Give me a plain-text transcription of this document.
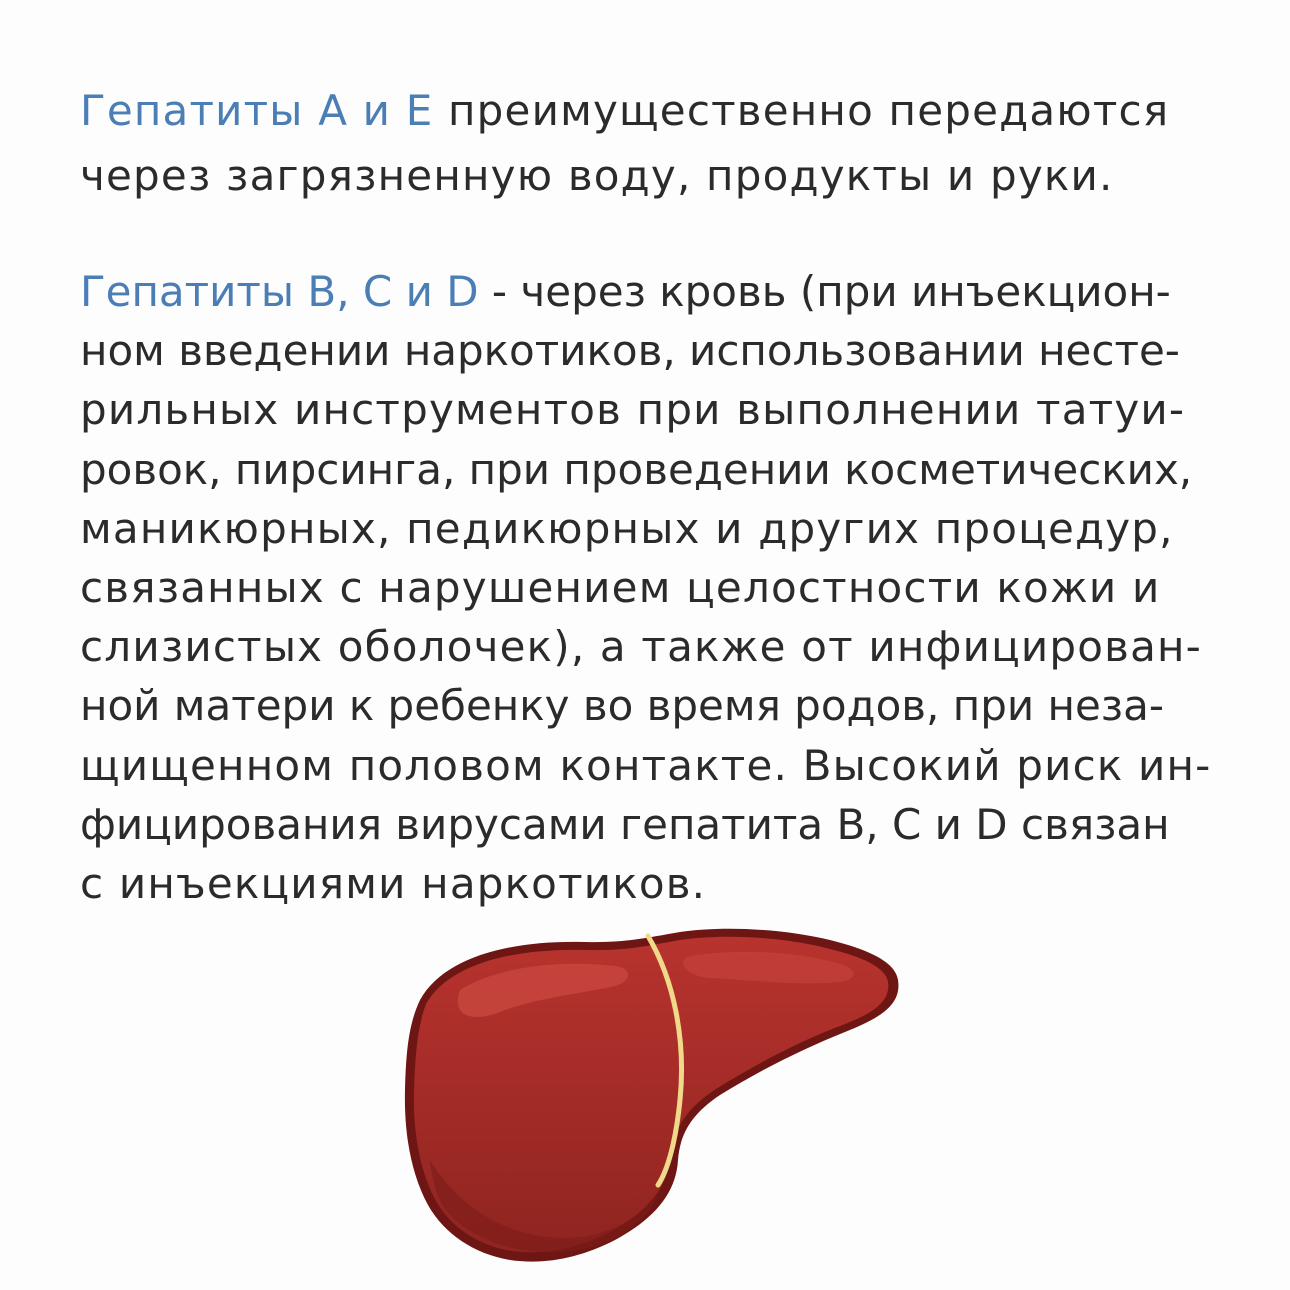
Гепатиты А и Е преимущественно передаются
через загрязненную воду, продукты и руки.

Гепатиты В, С и D - через кровь (при инъекцион-
ном введении наркотиков, использовании несте-
рильных инструментов при выполнении татуи-
ровок, пирсинга, при проведении косметических,
маникюрных, педикюрных и других процедур,
связанных с нарушением целостности кожи и
слизистых оболочек), а также от инфицирован-
ной матери к ребенку во время родов, при неза-
щищенном половом контакте. Высокий риск ин-
фицирования вирусами гепатита В, С и D связан
с инъекциями наркотиков.
